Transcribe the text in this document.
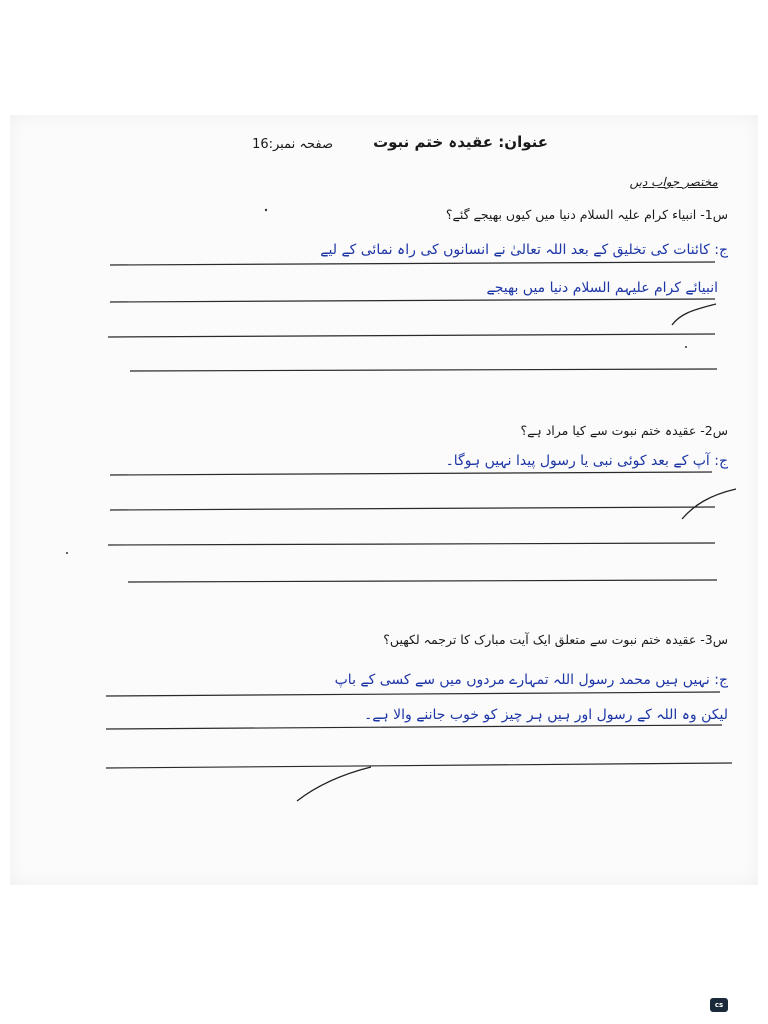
عنوان: عقیدہ ختم نبوت
صفحہ نمبر:16
مختصر جواب دیں
س1- انبیاء کرام علیہ السلام دنیا میں کیوں بھیجے گئے؟
ج: کائنات کی تخلیق کے بعد اللہ تعالیٰ نے انسانوں کی راہ نمائی کے لیے
انبیائے کرام علیہم السلام دنیا میں بھیجے
س2- عقیدہ ختم نبوت سے کیا مراد ہے؟
ج: آپ کے بعد کوئی نبی یا رسول پیدا نہیں ہوگا۔
س3- عقیدہ ختم نبوت سے متعلق ایک آیت مبارک کا ترجمہ لکھیں؟
ج: نہیں ہیں محمد رسول اللہ تمہارے مردوں میں سے کسی کے باپ
لیکن وہ اللہ کے رسول اور ہیں ہر چیز کو خوب جاننے والا ہے۔
cs
